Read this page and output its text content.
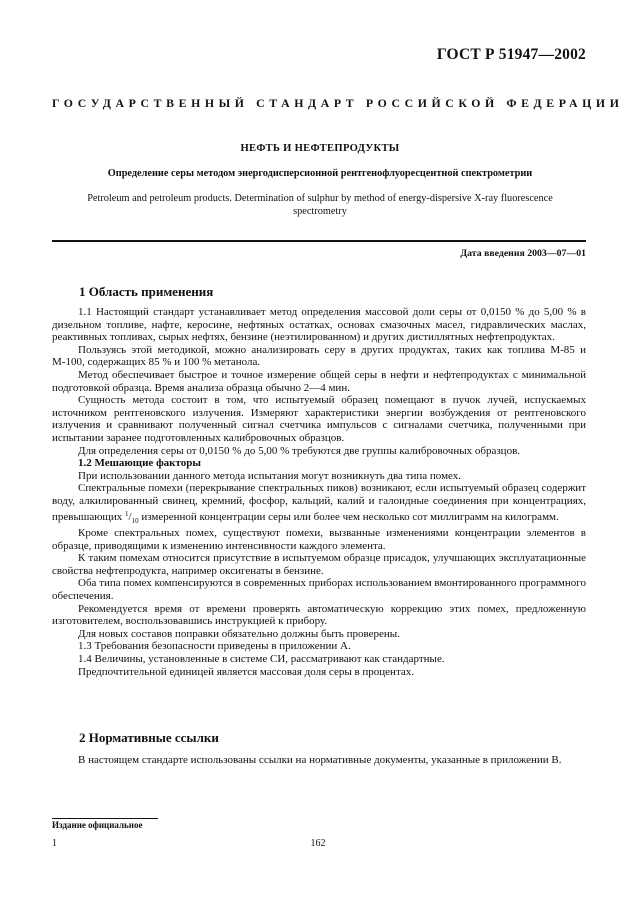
ГОСТ Р 51947—2002
ГОСУДАРСТВЕННЫЙ СТАНДАРТ РОССИЙСКОЙ ФЕДЕРАЦИИ
НЕФТЬ И НЕФТЕПРОДУКТЫ
Определение серы методом энергодисперсионной рентгенофлуоресцентной спектрометрии
Petroleum and petroleum products. Determination of sulphur by method of energy-dispersive X-ray fluorescence spectrometry
Дата введения 2003—07—01
1 Область применения

1.1 Настоящий стандарт устанавливает метод определения массовой доли серы от 0,0150 % до 5,00 % в дизельном топливе, нафте, керосине, нефтяных остатках, основах смазочных масел, гидравлических маслах, реактивных топливах, сырых нефтях, бензине (неэтилированном) и других дистиллятных нефтепродуктах.

Пользуясь этой методикой, можно анализировать серу в других продуктах, таких как топлива М-85 и М-100, содержащих 85 % и 100 % метанола.

Метод обеспечивает быстрое и точное измерение общей серы в нефти и нефтепродуктах с минимальной подготовкой образца. Время анализа образца обычно 2—4 мин.

Сущность метода состоит в том, что испытуемый образец помещают в пучок лучей, испускаемых источником рентгеновского излучения. Измеряют характеристики энергии возбуждения от рентгеновского излучения и сравнивают полученный сигнал счетчика импульсов с сигналами счетчика, полученными при испытании заранее подготовленных калибровочных образцов.

Для определения серы от 0,0150 % до 5,00 % требуются две группы калибровочных образцов.

1.2 Мешающие факторы

При использовании данного метода испытания могут возникнуть два типа помех.

Спектральные помехи (перекрывание спектральных пиков) возникают, если испытуемый образец содержит воду, алкилированный свинец, кремний, фосфор, кальций, калий и галоидные соединения при концентрациях, превышающих $^1/_{10}$ измеренной концентрации серы или более чем несколько сот миллиграмм на килограмм.

Кроме спектральных помех, существуют помехи, вызванные изменениями концентрации элементов в образце, приводящими к изменению интенсивности каждого элемента.

К таким помехам относится присутствие в испытуемом образце присадок, улучшающих эксплуатационные свойства нефтепродукта, например оксигенаты в бензине.

Оба типа помех компенсируются в современных приборах использованием вмонтированного программного обеспечения.

Рекомендуется время от времени проверять автоматическую коррекцию этих помех, предложенную изготовителем, воспользовавшись инструкцией к прибору.

Для новых составов поправки обязательно должны быть проверены.

1.3 Требования безопасности приведены в приложении А.

1.4 Величины, установленные в системе СИ, рассматривают как стандартные.

Предпочтительной единицей является массовая доля серы в процентах.

2 Нормативные ссылки

В настоящем стандарте использованы ссылки на нормативные документы, указанные в приложении В.

Издание официальное
1	162
